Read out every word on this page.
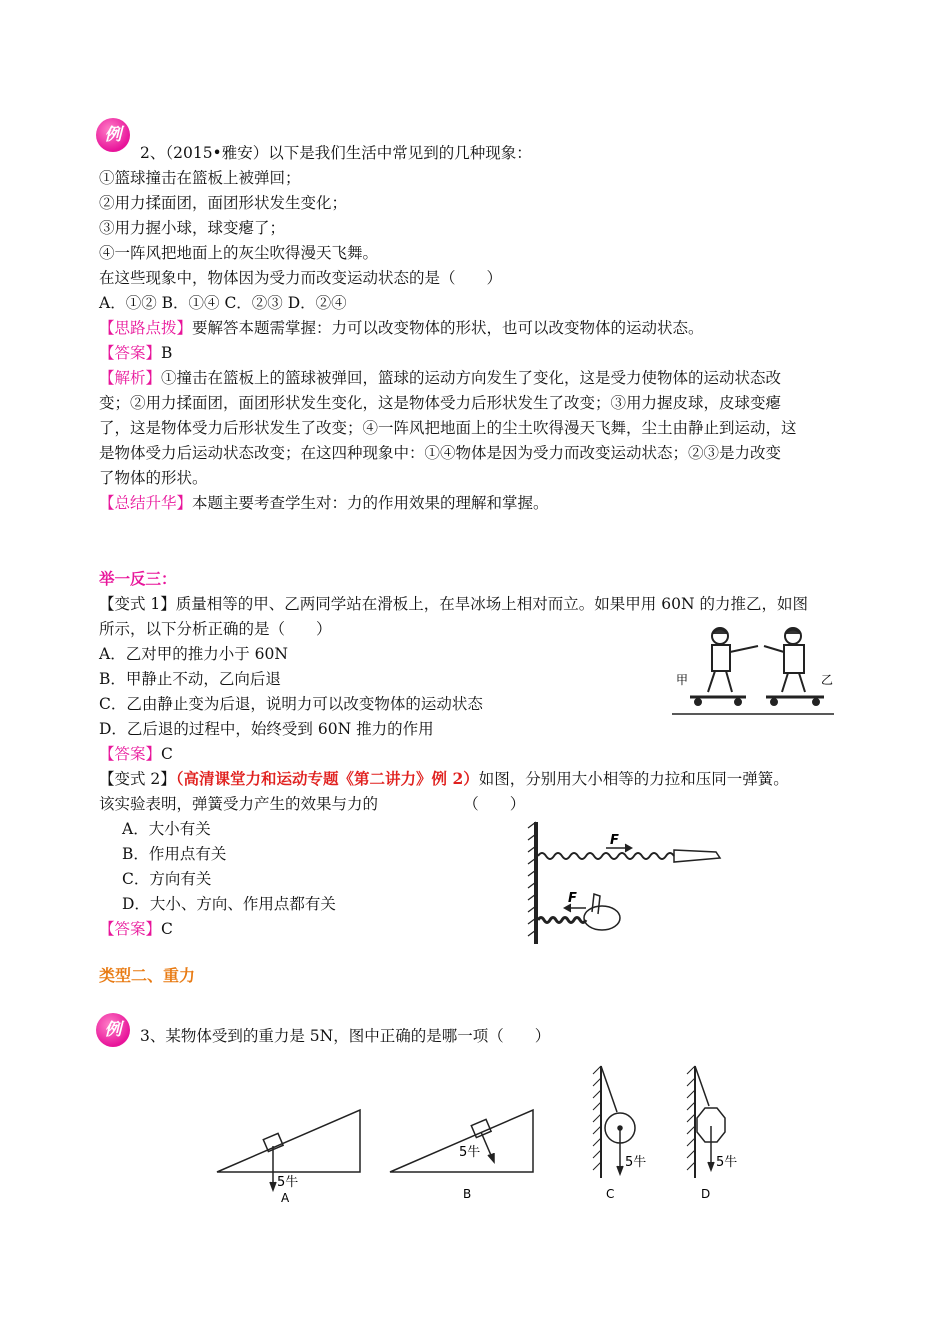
例
2、（2015•雅安）以下是我们生活中常见到的几种现象：
①篮球撞击在篮板上被弹回；
②用力揉面团，面团形状发生变化；
③用力握小球，球变瘪了；
④一阵风把地面上的灰尘吹得漫天飞舞。
在这些现象中，物体因为受力而改变运动状态的是（　　）
A．①② B．①④ C．②③ D．②④
【思路点拨】要解答本题需掌握：力可以改变物体的形状，也可以改变物体的运动状态。
【答案】B
【解析】①撞击在篮板上的篮球被弹回，篮球的运动方向发生了变化，这是受力使物体的运动状态改
变；②用力揉面团，面团形状发生变化，这是物体受力后形状发生了改变；③用力握皮球，皮球变瘪
了，这是物体受力后形状发生了改变；④一阵风把地面上的尘土吹得漫天飞舞，尘土由静止到运动，这
是物体受力后运动状态改变；在这四种现象中：①④物体是因为受力而改变运动状态；②③是力改变
了物体的形状。
【总结升华】本题主要考查学生对：力的作用效果的理解和掌握。
举一反三：
【变式 1】质量相等的甲、乙两同学站在滑板上，在旱冰场上相对而立。如果甲用 60N 的力推乙，如图
所示，以下分析正确的是（　　）
A．乙对甲的推力小于 60N
B．甲静止不动，乙向后退
C．乙由静止变为后退，说明力可以改变物体的运动状态
D．乙后退的过程中，始终受到 60N 推力的作用
【答案】C
甲	乙
【变式 2】（高清课堂力和运动专题《第二讲力》例 2）如图，分别用大小相等的力拉和压同一弹簧。
该实验表明，弹簧受力产生的效果与力的　　　　　　（　　）
A．大小有关
B．作用点有关
C．方向有关
D．大小、方向、作用点都有关
【答案】C
F
F
类型二、重力
例	3、某物体受到的重力是 5N，图中正确的是哪一项（　　）
5牛
5牛
5牛	5牛
A	B	C	D
